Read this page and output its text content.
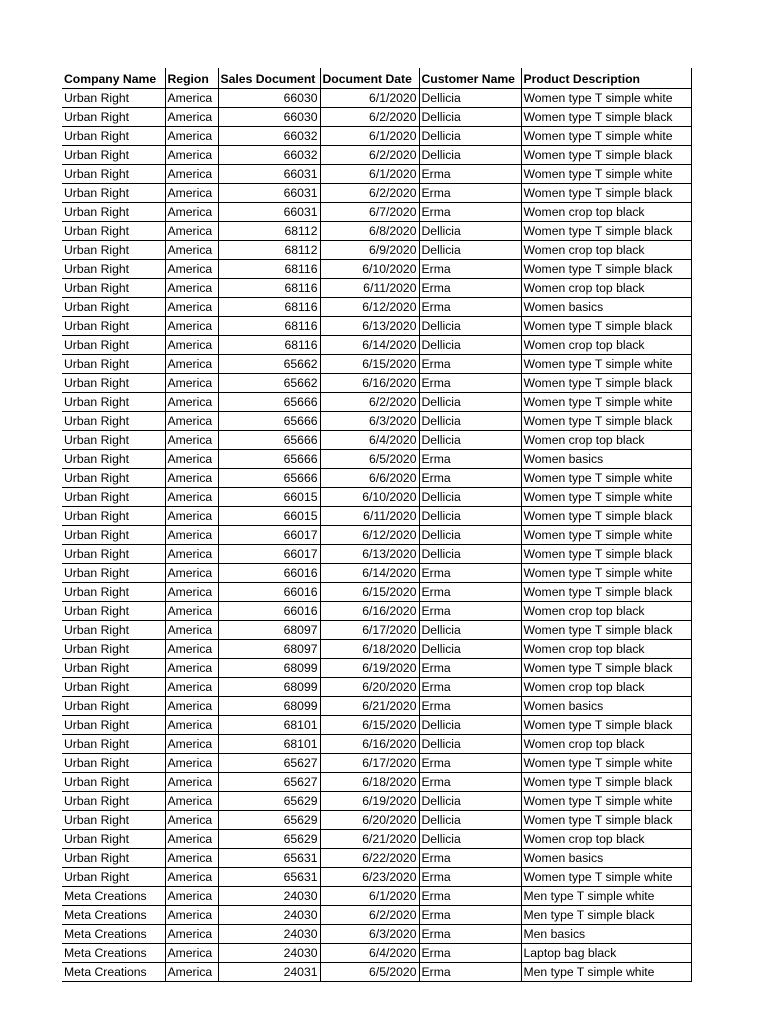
Company Name	Region	Sales Document	Document Date	Customer Name	Product Description
Urban Right	America	66030	6/1/2020	Dellicia	Women type T simple white
Urban Right	America	66030	6/2/2020	Dellicia	Women type T simple black
Urban Right	America	66032	6/1/2020	Dellicia	Women type T simple white
Urban Right	America	66032	6/2/2020	Dellicia	Women type T simple black
Urban Right	America	66031	6/1/2020	Erma	Women type T simple white
Urban Right	America	66031	6/2/2020	Erma	Women type T simple black
Urban Right	America	66031	6/7/2020	Erma	Women crop top black
Urban Right	America	68112	6/8/2020	Dellicia	Women type T simple black
Urban Right	America	68112	6/9/2020	Dellicia	Women crop top black
Urban Right	America	68116	6/10/2020	Erma	Women type T simple black
Urban Right	America	68116	6/11/2020	Erma	Women crop top black
Urban Right	America	68116	6/12/2020	Erma	Women basics
Urban Right	America	68116	6/13/2020	Dellicia	Women type T simple black
Urban Right	America	68116	6/14/2020	Dellicia	Women crop top black
Urban Right	America	65662	6/15/2020	Erma	Women type T simple white
Urban Right	America	65662	6/16/2020	Erma	Women type T simple black
Urban Right	America	65666	6/2/2020	Dellicia	Women type T simple white
Urban Right	America	65666	6/3/2020	Dellicia	Women type T simple black
Urban Right	America	65666	6/4/2020	Dellicia	Women crop top black
Urban Right	America	65666	6/5/2020	Erma	Women basics
Urban Right	America	65666	6/6/2020	Erma	Women type T simple white
Urban Right	America	66015	6/10/2020	Dellicia	Women type T simple white
Urban Right	America	66015	6/11/2020	Dellicia	Women type T simple black
Urban Right	America	66017	6/12/2020	Dellicia	Women type T simple white
Urban Right	America	66017	6/13/2020	Dellicia	Women type T simple black
Urban Right	America	66016	6/14/2020	Erma	Women type T simple white
Urban Right	America	66016	6/15/2020	Erma	Women type T simple black
Urban Right	America	66016	6/16/2020	Erma	Women crop top black
Urban Right	America	68097	6/17/2020	Dellicia	Women type T simple black
Urban Right	America	68097	6/18/2020	Dellicia	Women crop top black
Urban Right	America	68099	6/19/2020	Erma	Women type T simple black
Urban Right	America	68099	6/20/2020	Erma	Women crop top black
Urban Right	America	68099	6/21/2020	Erma	Women basics
Urban Right	America	68101	6/15/2020	Dellicia	Women type T simple black
Urban Right	America	68101	6/16/2020	Dellicia	Women crop top black
Urban Right	America	65627	6/17/2020	Erma	Women type T simple white
Urban Right	America	65627	6/18/2020	Erma	Women type T simple black
Urban Right	America	65629	6/19/2020	Dellicia	Women type T simple white
Urban Right	America	65629	6/20/2020	Dellicia	Women type T simple black
Urban Right	America	65629	6/21/2020	Dellicia	Women crop top black
Urban Right	America	65631	6/22/2020	Erma	Women basics
Urban Right	America	65631	6/23/2020	Erma	Women type T simple white
Meta Creations	America	24030	6/1/2020	Erma	Men type T simple white
Meta Creations	America	24030	6/2/2020	Erma	Men type T simple black
Meta Creations	America	24030	6/3/2020	Erma	Men basics
Meta Creations	America	24030	6/4/2020	Erma	Laptop bag black
Meta Creations	America	24031	6/5/2020	Erma	Men type T simple white
